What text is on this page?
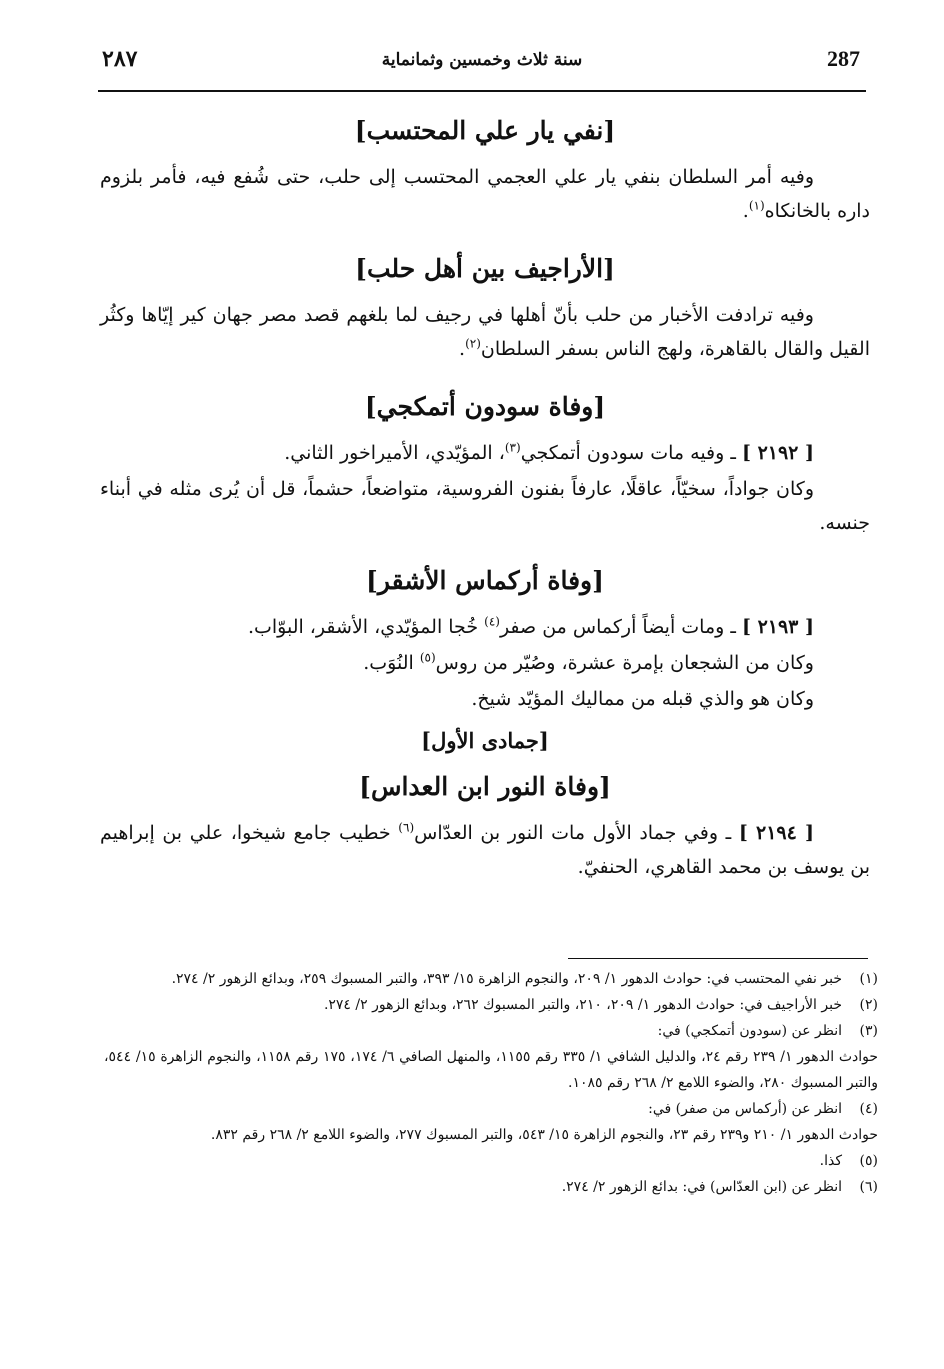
287
سنة ثلاث وخمسين وثمانماية
٢٨٧
[نفي يار علي المحتسب]

وفيه أمر السلطان بنفي يار علي العجمي المحتسب إلى حلب، حتى شُفع فيه، فأمر بلزوم داره بالخانكاه$^{(١)}$.

[الأراجيف بين أهل حلب]

وفيه ترادفت الأخبار من حلب بأنّ أهلها في رجيف لما بلغهم قصد مصر جهان كير إيّاها وكثُر القيل والقال بالقاهرة، ولهج الناس بسفر السلطان$^{(٢)}$.

[وفاة سودون أتمكجي]

[ ٢١٩٢ ] ـ وفيه مات سودون أتمكجي$^{(٣)}$، المؤيّدي، الأميراخور الثاني.

وكان جواداً، سخيّاً، عاقلًا، عارفاً بفنون الفروسية، متواضعاً، حشماً، قل أن يُرى مثله في أبناء جنسه.

[وفاة أركماس الأشقر]

[ ٢١٩٣ ] ـ ومات أيضاً أركماس من صفر$^{(٤)}$ خُجا المؤيّدي، الأشقر، البوّاب.

وكان من الشجعان بإمرة عشرة، وصُيّر من روس$^{(٥)}$ النُوَب.

وكان هو والذي قبله من مماليك المؤيّد شيخ.

[جمادى الأول]
[وفاة النور ابن العداس]

[ ٢١٩٤ ] ـ وفي جماد الأول مات النور بن العدّاس$^{(٦)}$ خطيب جامع شيخوا، علي بن إبراهيم بن يوسف بن محمد القاهري، الحنفيّ.

(١)
خبر نفي المحتسب في: حوادث الدهور ١/ ٢٠٩، والنجوم الزاهرة ١٥/ ٣٩٣، والتبر المسبوك ٢٥٩، وبدائع الزهور ٢/ ٢٧٤.
(٢)
خبر الأراجيف في: حوادث الدهور ١/ ٢٠٩، ٢١٠، والتبر المسبوك ٢٦٢، وبدائع الزهور ٢/ ٢٧٤.
(٣)
انظر عن (سودون أتمكجي) في:
حوادث الدهور ١/ ٢٣٩ رقم ٢٤، والدليل الشافي ١/ ٣٣٥ رقم ١١٥٥، والمنهل الصافي ٦/ ١٧٤، ١٧٥ رقم ١١٥٨، والنجوم الزاهرة ١٥/ ٥٤٤، والتبر المسبوك ٢٨٠، والضوء اللامع ٢/ ٢٦٨ رقم ١٠٨٥.
(٤)
انظر عن (أركماس من صفر) في:
حوادث الدهور ١/ ٢١٠ و٢٣٩ رقم ٢٣، والنجوم الزاهرة ١٥/ ٥٤٣، والتبر المسبوك ٢٧٧، والضوء اللامع ٢/ ٢٦٨ رقم ٨٣٢.
(٥)
كذا.
(٦)
انظر عن (ابن العدّاس) في: بدائع الزهور ٢/ ٢٧٤.
